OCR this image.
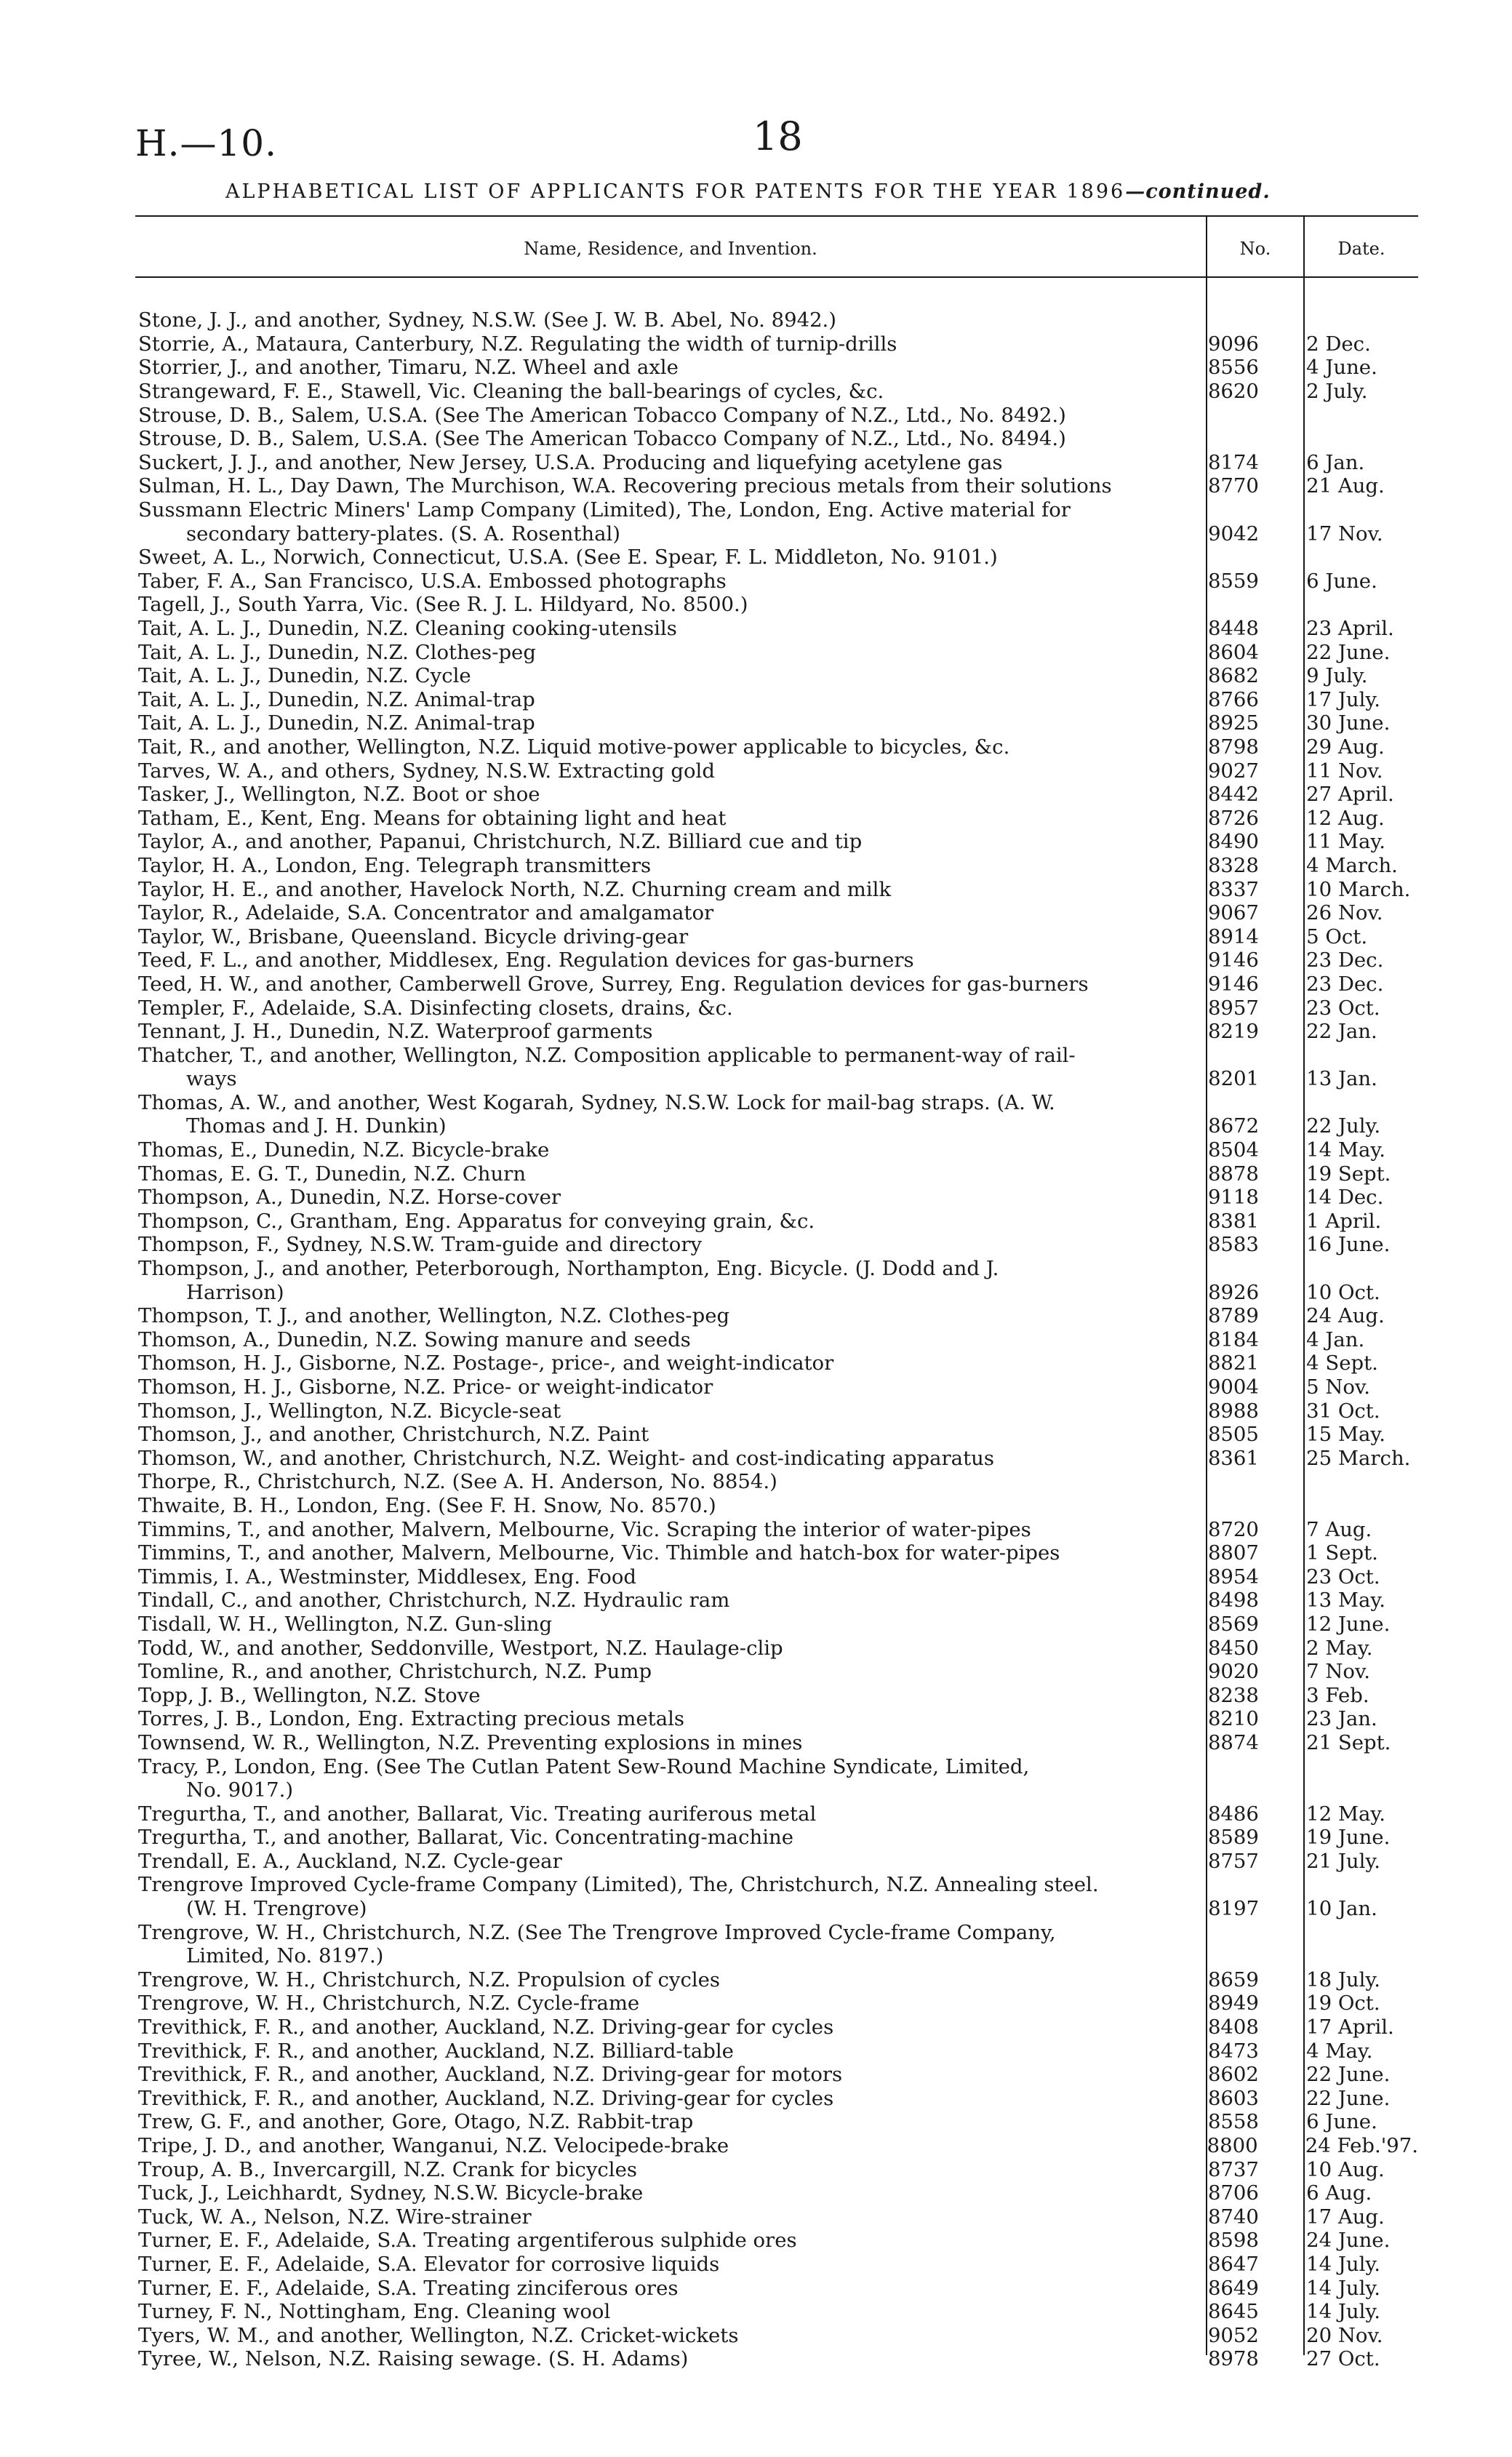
H.—10.	18
ALPHABETICAL LIST OF APPLICANTS FOR PATENTS FOR THE YEAR 1896—continued.
Name, Residence, and Invention.	No.	Date.
Stone, J. J., and another, Sydney, N.S.W. (See J. W. B. Abel, No. 8942.)
Storrie, A., Mataura, Canterbury, N.Z. Regulating the width of turnip-drills	9096	2 Dec.
Storrier, J., and another, Timaru, N.Z. Wheel and axle	8556	4 June.
Strangeward, F. E., Stawell, Vic. Cleaning the ball-bearings of cycles, &c.	8620	2 July.
Strouse, D. B., Salem, U.S.A. (See The American Tobacco Company of N.Z., Ltd., No. 8492.)
Strouse, D. B., Salem, U.S.A. (See The American Tobacco Company of N.Z., Ltd., No. 8494.)
Suckert, J. J., and another, New Jersey, U.S.A. Producing and liquefying acetylene gas	8174	6 Jan.
Sulman, H. L., Day Dawn, The Murchison, W.A. Recovering precious metals from their solutions	8770	21 Aug.
Sussmann Electric Miners' Lamp Company (Limited), The, London, Eng. Active material for
secondary battery-plates. (S. A. Rosenthal)	9042	17 Nov.
Sweet, A. L., Norwich, Connecticut, U.S.A. (See E. Spear, F. L. Middleton, No. 9101.)
Taber, F. A., San Francisco, U.S.A. Embossed photographs	8559	6 June.
Tagell, J., South Yarra, Vic. (See R. J. L. Hildyard, No. 8500.)
Tait, A. L. J., Dunedin, N.Z. Cleaning cooking-utensils	8448	23 April.
Tait, A. L. J., Dunedin, N.Z. Clothes-peg	8604	22 June.
Tait, A. L. J., Dunedin, N.Z. Cycle	8682	9 July.
Tait, A. L. J., Dunedin, N.Z. Animal-trap	8766	17 July.
Tait, A. L. J., Dunedin, N.Z. Animal-trap	8925	30 June.
Tait, R., and another, Wellington, N.Z. Liquid motive-power applicable to bicycles, &c.	8798	29 Aug.
Tarves, W. A., and others, Sydney, N.S.W. Extracting gold	9027	11 Nov.
Tasker, J., Wellington, N.Z. Boot or shoe	8442	27 April.
Tatham, E., Kent, Eng. Means for obtaining light and heat	8726	12 Aug.
Taylor, A., and another, Papanui, Christchurch, N.Z. Billiard cue and tip	8490	11 May.
Taylor, H. A., London, Eng. Telegraph transmitters	8328	4 March.
Taylor, H. E., and another, Havelock North, N.Z. Churning cream and milk	8337	10 March.
Taylor, R., Adelaide, S.A. Concentrator and amalgamator	9067	26 Nov.
Taylor, W., Brisbane, Queensland. Bicycle driving-gear	8914	5 Oct.
Teed, F. L., and another, Middlesex, Eng. Regulation devices for gas-burners	9146	23 Dec.
Teed, H. W., and another, Camberwell Grove, Surrey, Eng. Regulation devices for gas-burners	9146	23 Dec.
Templer, F., Adelaide, S.A. Disinfecting closets, drains, &c.	8957	23 Oct.
Tennant, J. H., Dunedin, N.Z. Waterproof garments	8219	22 Jan.
Thatcher, T., and another, Wellington, N.Z. Composition applicable to permanent-way of rail-
ways	8201	13 Jan.
Thomas, A. W., and another, West Kogarah, Sydney, N.S.W. Lock for mail-bag straps. (A. W.
Thomas and J. H. Dunkin)	8672	22 July.
Thomas, E., Dunedin, N.Z. Bicycle-brake	8504	14 May.
Thomas, E. G. T., Dunedin, N.Z. Churn	8878	19 Sept.
Thompson, A., Dunedin, N.Z. Horse-cover	9118	14 Dec.
Thompson, C., Grantham, Eng. Apparatus for conveying grain, &c.	8381	1 April.
Thompson, F., Sydney, N.S.W. Tram-guide and directory	8583	16 June.
Thompson, J., and another, Peterborough, Northampton, Eng. Bicycle. (J. Dodd and J.
Harrison)	8926	10 Oct.
Thompson, T. J., and another, Wellington, N.Z. Clothes-peg	8789	24 Aug.
Thomson, A., Dunedin, N.Z. Sowing manure and seeds	8184	4 Jan.
Thomson, H. J., Gisborne, N.Z. Postage-, price-, and weight-indicator	8821	4 Sept.
Thomson, H. J., Gisborne, N.Z. Price- or weight-indicator	9004	5 Nov.
Thomson, J., Wellington, N.Z. Bicycle-seat	8988	31 Oct.
Thomson, J., and another, Christchurch, N.Z. Paint	8505	15 May.
Thomson, W., and another, Christchurch, N.Z. Weight- and cost-indicating apparatus	8361	25 March.
Thorpe, R., Christchurch, N.Z. (See A. H. Anderson, No. 8854.)
Thwaite, B. H., London, Eng. (See F. H. Snow, No. 8570.)
Timmins, T., and another, Malvern, Melbourne, Vic. Scraping the interior of water-pipes	8720	7 Aug.
Timmins, T., and another, Malvern, Melbourne, Vic. Thimble and hatch-box for water-pipes	8807	1 Sept.
Timmis, I. A., Westminster, Middlesex, Eng. Food	8954	23 Oct.
Tindall, C., and another, Christchurch, N.Z. Hydraulic ram	8498	13 May.
Tisdall, W. H., Wellington, N.Z. Gun-sling	8569	12 June.
Todd, W., and another, Seddonville, Westport, N.Z. Haulage-clip	8450	2 May.
Tomline, R., and another, Christchurch, N.Z. Pump	9020	7 Nov.
Topp, J. B., Wellington, N.Z. Stove	8238	3 Feb.
Torres, J. B., London, Eng. Extracting precious metals	8210	23 Jan.
Townsend, W. R., Wellington, N.Z. Preventing explosions in mines	8874	21 Sept.
Tracy, P., London, Eng. (See The Cutlan Patent Sew-Round Machine Syndicate, Limited,
No. 9017.)
Tregurtha, T., and another, Ballarat, Vic. Treating auriferous metal	8486	12 May.
Tregurtha, T., and another, Ballarat, Vic. Concentrating-machine	8589	19 June.
Trendall, E. A., Auckland, N.Z. Cycle-gear	8757	21 July.
Trengrove Improved Cycle-frame Company (Limited), The, Christchurch, N.Z. Annealing steel.
(W. H. Trengrove)	8197	10 Jan.
Trengrove, W. H., Christchurch, N.Z. (See The Trengrove Improved Cycle-frame Company,
Limited, No. 8197.)
Trengrove, W. H., Christchurch, N.Z. Propulsion of cycles	8659	18 July.
Trengrove, W. H., Christchurch, N.Z. Cycle-frame	8949	19 Oct.
Trevithick, F. R., and another, Auckland, N.Z. Driving-gear for cycles	8408	17 April.
Trevithick, F. R., and another, Auckland, N.Z. Billiard-table	8473	4 May.
Trevithick, F. R., and another, Auckland, N.Z. Driving-gear for motors	8602	22 June.
Trevithick, F. R., and another, Auckland, N.Z. Driving-gear for cycles	8603	22 June.
Trew, G. F., and another, Gore, Otago, N.Z. Rabbit-trap	8558	6 June.
Tripe, J. D., and another, Wanganui, N.Z. Velocipede-brake	8800	24 Feb.'97.
Troup, A. B., Invercargill, N.Z. Crank for bicycles	8737	10 Aug.
Tuck, J., Leichhardt, Sydney, N.S.W. Bicycle-brake	8706	6 Aug.
Tuck, W. A., Nelson, N.Z. Wire-strainer	8740	17 Aug.
Turner, E. F., Adelaide, S.A. Treating argentiferous sulphide ores	8598	24 June.
Turner, E. F., Adelaide, S.A. Elevator for corrosive liquids	8647	14 July.
Turner, E. F., Adelaide, S.A. Treating zinciferous ores	8649	14 July.
Turney, F. N., Nottingham, Eng. Cleaning wool	8645	14 July.
Tyers, W. M., and another, Wellington, N.Z. Cricket-wickets	9052	20 Nov.
Tyree, W., Nelson, N.Z. Raising sewage. (S. H. Adams)	8978	27 Oct.
